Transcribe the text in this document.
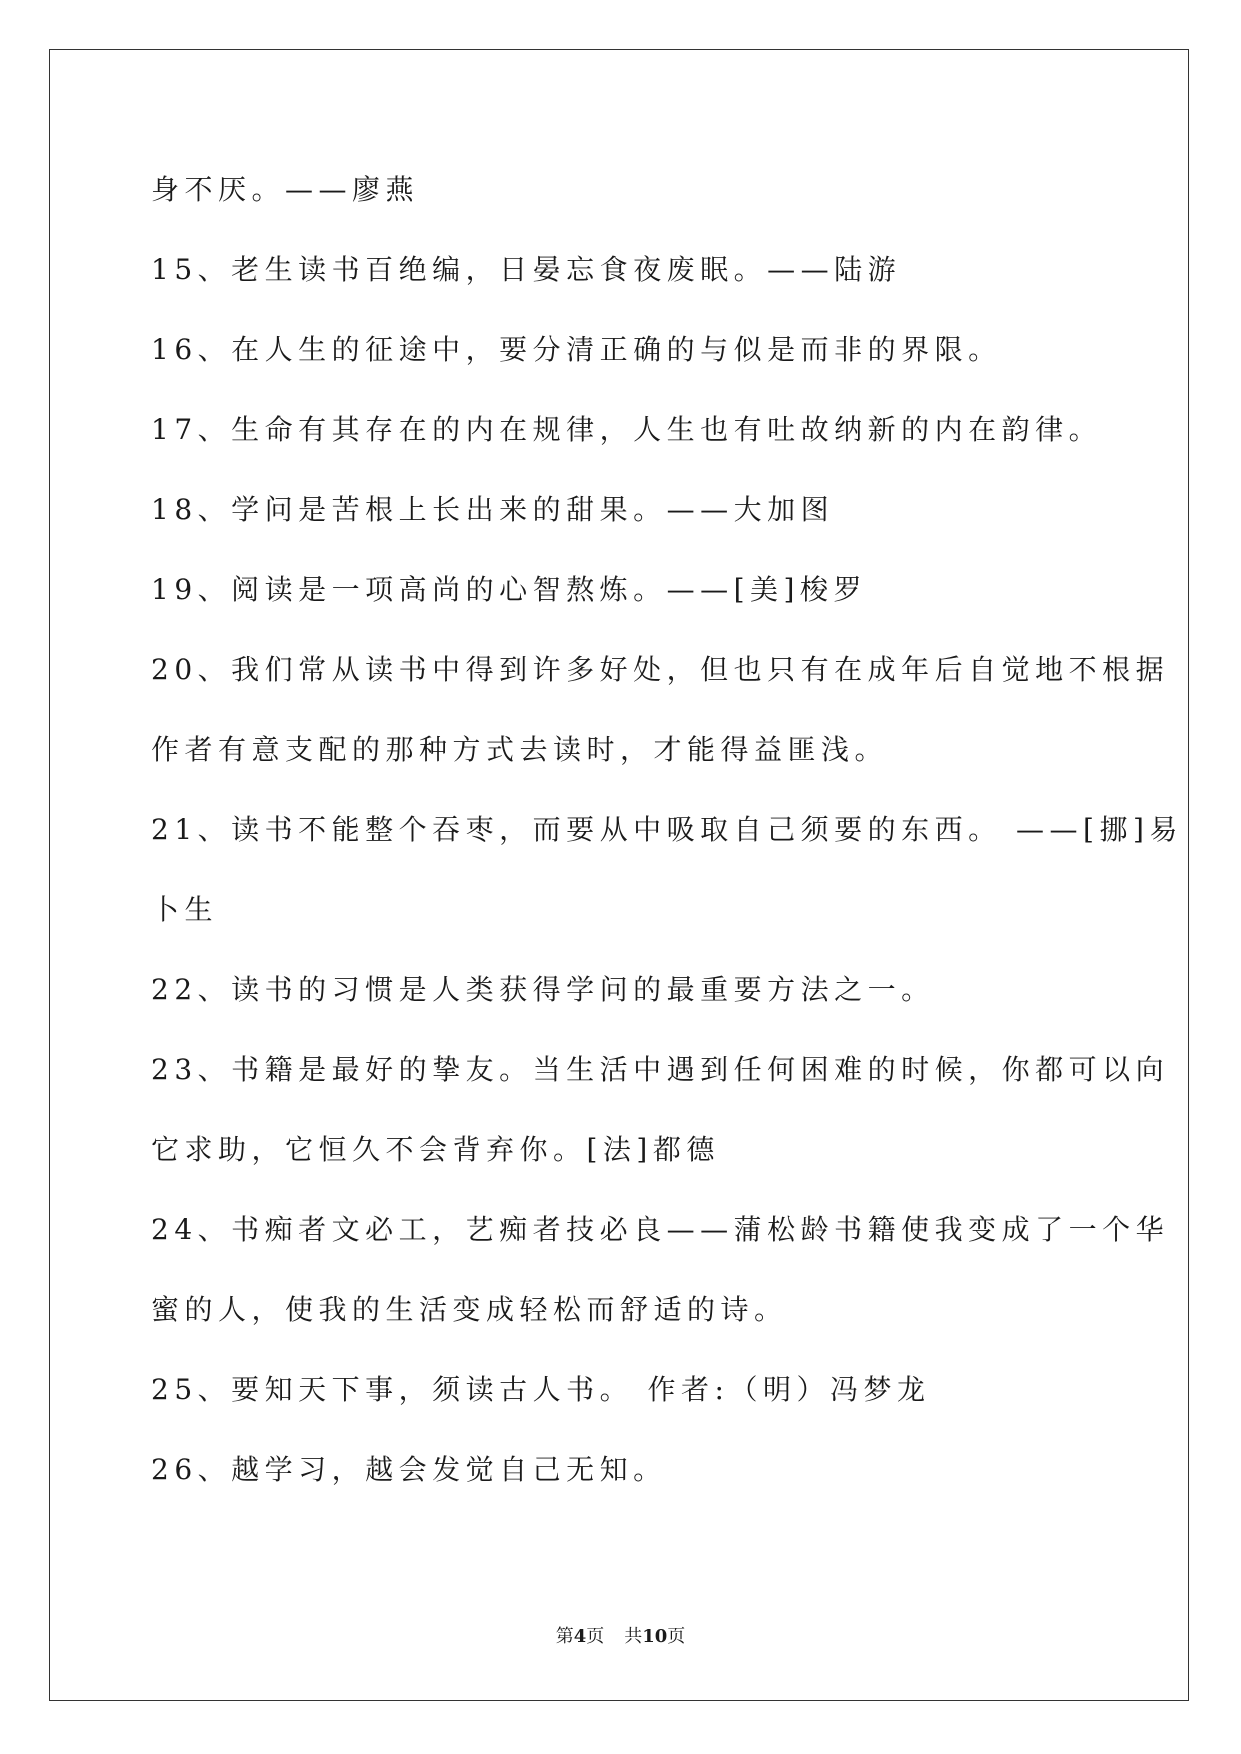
身不厌。——廖燕
15、老生读书百绝编，日晏忘食夜废眠。——陆游
16、在人生的征途中，要分清正确的与似是而非的界限。
17、生命有其存在的内在规律，人生也有吐故纳新的内在韵律。
18、学问是苦根上长出来的甜果。——大加图
19、阅读是一项高尚的心智熬炼。——[美]梭罗
20、我们常从读书中得到许多好处，但也只有在成年后自觉地不根据
作者有意支配的那种方式去读时，才能得益匪浅。
21、读书不能整个吞枣，而要从中吸取自己须要的东西。 ——[挪]易
卜生
22、读书的习惯是人类获得学问的最重要方法之一。
23、书籍是最好的挚友。当生活中遇到任何困难的时候，你都可以向
它求助，它恒久不会背弃你。[法]都德
24、书痴者文必工，艺痴者技必良——蒲松龄书籍使我变成了一个华
蜜的人，使我的生活变成轻松而舒适的诗。
25、要知天下事，须读古人书。 作者:（明）冯梦龙
26、越学习，越会发觉自己无知。
第4页 共10页
